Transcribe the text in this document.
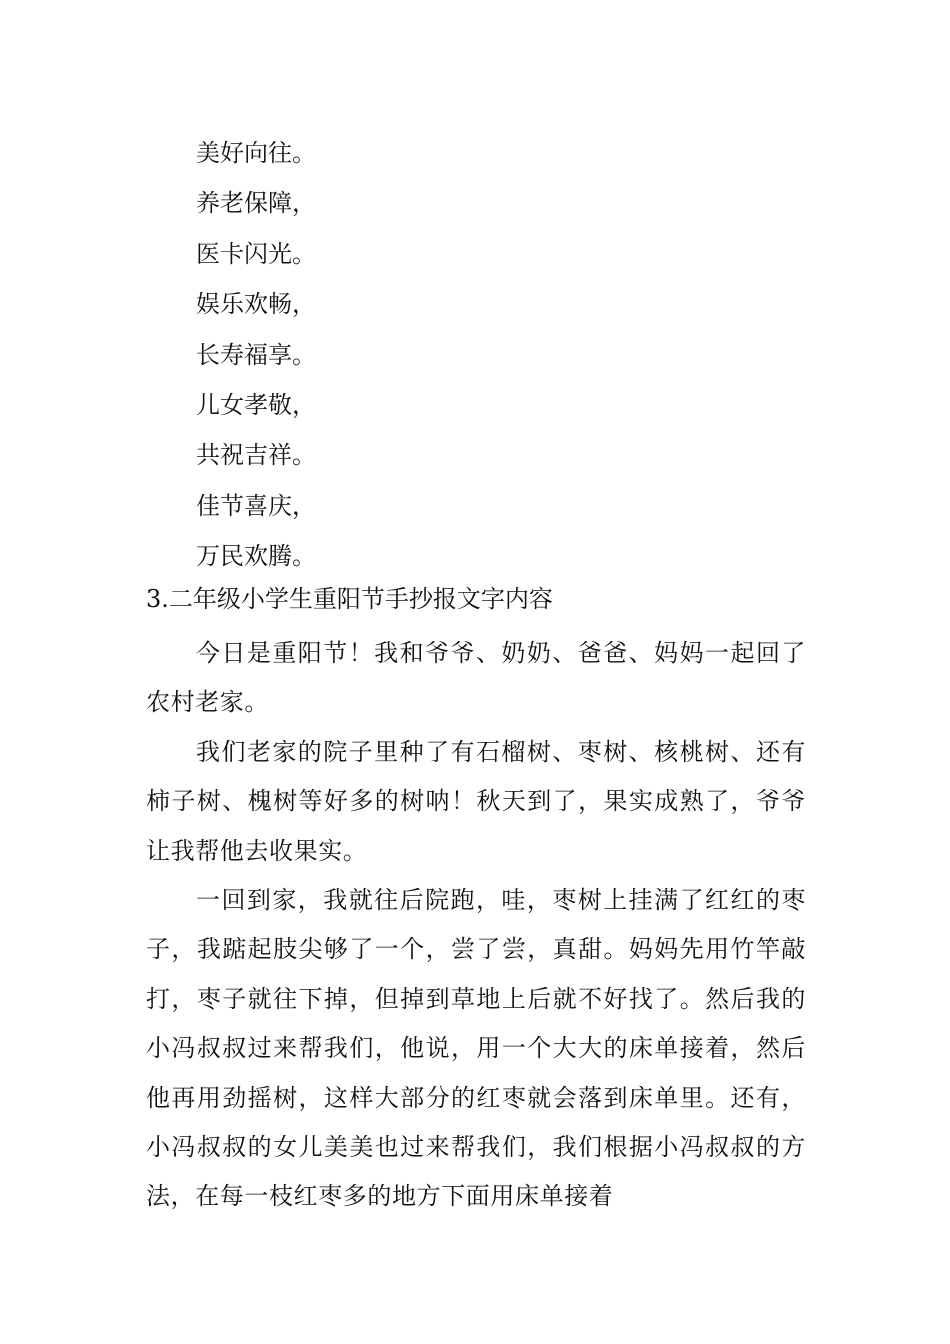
美好向往。
养老保障，
医卡闪光。
娱乐欢畅，
长寿福享。
儿女孝敬，
共祝吉祥。
佳节喜庆，
万民欢腾。
3.二年级小学生重阳节手抄报文字内容

今日是重阳节！我和爷爷、奶奶、爸爸、妈妈一起回了农村老家。

我们老家的院子里种了有石榴树、枣树、核桃树、还有柿子树、槐树等好多的树呐！秋天到了，果实成熟了，爷爷让我帮他去收果实。

一回到家，我就往后院跑，哇，枣树上挂满了红红的枣子，我踮起肢尖够了一个，尝了尝，真甜。妈妈先用竹竿敲打，枣子就往下掉，但掉到草地上后就不好找了。然后我的小冯叔叔过来帮我们，他说，用一个大大的床单接着，然后他再用劲摇树，这样大部分的红枣就会落到床单里。还有，小冯叔叔的女儿美美也过来帮我们，我们根据小冯叔叔的方法，在每一枝红枣多的地方下面用床单接着
